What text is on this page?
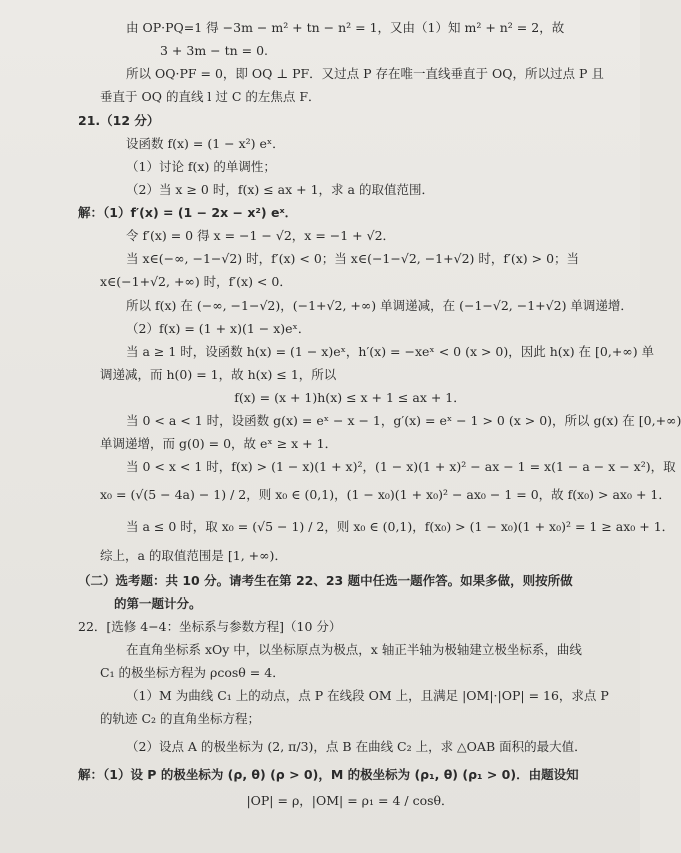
由 OP·PQ=1 得 −3m − m² + tn − n² = 1，又由（1）知 m² + n² = 2，故
3 + 3m − tn = 0.
所以 OQ·PF = 0，即 OQ ⊥ PF．又过点 P 存在唯一直线垂直于 OQ，所以过点 P 且
垂直于 OQ 的直线 l 过 C 的左焦点 F．
21.（12 分）
设函数 f(x) = (1 − x²) eˣ．
（1）讨论 f(x) 的单调性；
（2）当 x ≥ 0 时，f(x) ≤ ax + 1，求 a 的取值范围．
解：（1）f′(x) = (1 − 2x − x²) eˣ．
令 f′(x) = 0 得 x = −1 − √2，x = −1 + √2．
当 x∈(−∞, −1−√2) 时，f′(x) < 0；当 x∈(−1−√2, −1+√2) 时，f′(x) > 0；当
x∈(−1+√2, +∞) 时，f′(x) < 0．
所以 f(x) 在 (−∞, −1−√2)，(−1+√2, +∞) 单调递减，在 (−1−√2, −1+√2) 单调递增．
（2）f(x) = (1 + x)(1 − x)eˣ．
当 a ≥ 1 时，设函数 h(x) = (1 − x)eˣ，h′(x) = −xeˣ < 0 (x > 0)，因此 h(x) 在 [0,+∞) 单
调递减，而 h(0) = 1，故 h(x) ≤ 1，所以
f(x) = (x + 1)h(x) ≤ x + 1 ≤ ax + 1．
当 0 < a < 1 时，设函数 g(x) = eˣ − x − 1，g′(x) = eˣ − 1 > 0 (x > 0)，所以 g(x) 在 [0,+∞)
单调递增，而 g(0) = 0，故 eˣ ≥ x + 1．
当 0 < x < 1 时，f(x) > (1 − x)(1 + x)²，(1 − x)(1 + x)² − ax − 1 = x(1 − a − x − x²)，取
x₀ = (√(5 − 4a) − 1) / 2，则 x₀ ∈ (0,1)，(1 − x₀)(1 + x₀)² − ax₀ − 1 = 0，故 f(x₀) > ax₀ + 1．
当 a ≤ 0 时，取 x₀ = (√5 − 1) / 2，则 x₀ ∈ (0,1)，f(x₀) > (1 − x₀)(1 + x₀)² = 1 ≥ ax₀ + 1．
综上，a 的取值范围是 [1, +∞)．
（二）选考题：共 10 分。请考生在第 22、23 题中任选一题作答。如果多做，则按所做
的第一题计分。
22．[选修 4−4：坐标系与参数方程]（10 分）
在直角坐标系 xOy 中，以坐标原点为极点，x 轴正半轴为极轴建立极坐标系，曲线
C₁ 的极坐标方程为 ρcosθ = 4．
（1）M 为曲线 C₁ 上的动点，点 P 在线段 OM 上，且满足 |OM|·|OP| = 16，求点 P
的轨迹 C₂ 的直角坐标方程；
（2）设点 A 的极坐标为 (2, π/3)，点 B 在曲线 C₂ 上，求 △OAB 面积的最大值．
解：（1）设 P 的极坐标为 (ρ, θ) (ρ > 0)，M 的极坐标为 (ρ₁, θ) (ρ₁ > 0)．由题设知
|OP| = ρ，|OM| = ρ₁ = 4 / cosθ．
